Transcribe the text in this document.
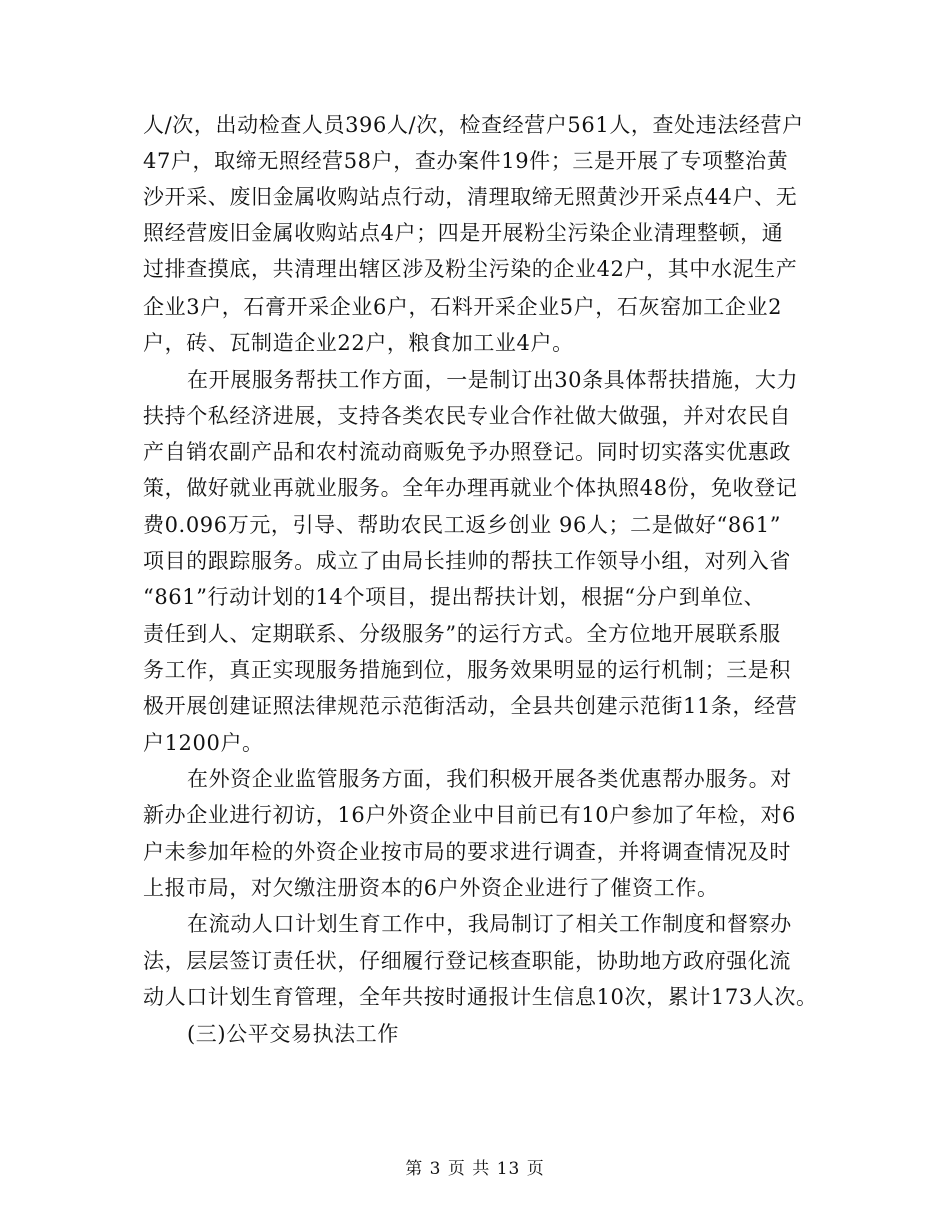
人/次，出动检查人员396人/次，检查经营户561人，查处违法经营户
47户，取缔无照经营58户，查办案件19件；三是开展了专项整治黄
沙开采、废旧金属收购站点行动，清理取缔无照黄沙开采点44户、无
照经营废旧金属收购站点4户；四是开展粉尘污染企业清理整顿，通
过排查摸底，共清理出辖区涉及粉尘污染的企业42户，其中水泥生产
企业3户，石膏开采企业6户，石料开采企业5户，石灰窑加工企业2
户，砖、瓦制造企业22户，粮食加工业4户。
在开展服务帮扶工作方面，一是制订出30条具体帮扶措施，大力
扶持个私经济进展，支持各类农民专业合作社做大做强，并对农民自
产自销农副产品和农村流动商贩免予办照登记。同时切实落实优惠政
策，做好就业再就业服务。全年办理再就业个体执照48份，免收登记
费0.096万元，引导、帮助农民工返乡创业 96人；二是做好“861”
项目的跟踪服务。成立了由局长挂帅的帮扶工作领导小组，对列入省
“861”行动计划的14个项目，提出帮扶计划，根据“分户到单位、
责任到人、定期联系、分级服务”的运行方式。全方位地开展联系服
务工作，真正实现服务措施到位，服务效果明显的运行机制；三是积
极开展创建证照法律规范示范街活动，全县共创建示范街11条，经营
户1200户。
在外资企业监管服务方面，我们积极开展各类优惠帮办服务。对
新办企业进行初访，16户外资企业中目前已有10户参加了年检，对6
户未参加年检的外资企业按市局的要求进行调查，并将调查情况及时
上报市局，对欠缴注册资本的6户外资企业进行了催资工作。
在流动人口计划生育工作中，我局制订了相关工作制度和督察办
法，层层签订责任状，仔细履行登记核查职能，协助地方政府强化流
动人口计划生育管理，全年共按时通报计生信息10次，累计173人次。
(三)公平交易执法工作
第 3 页 共 13 页
